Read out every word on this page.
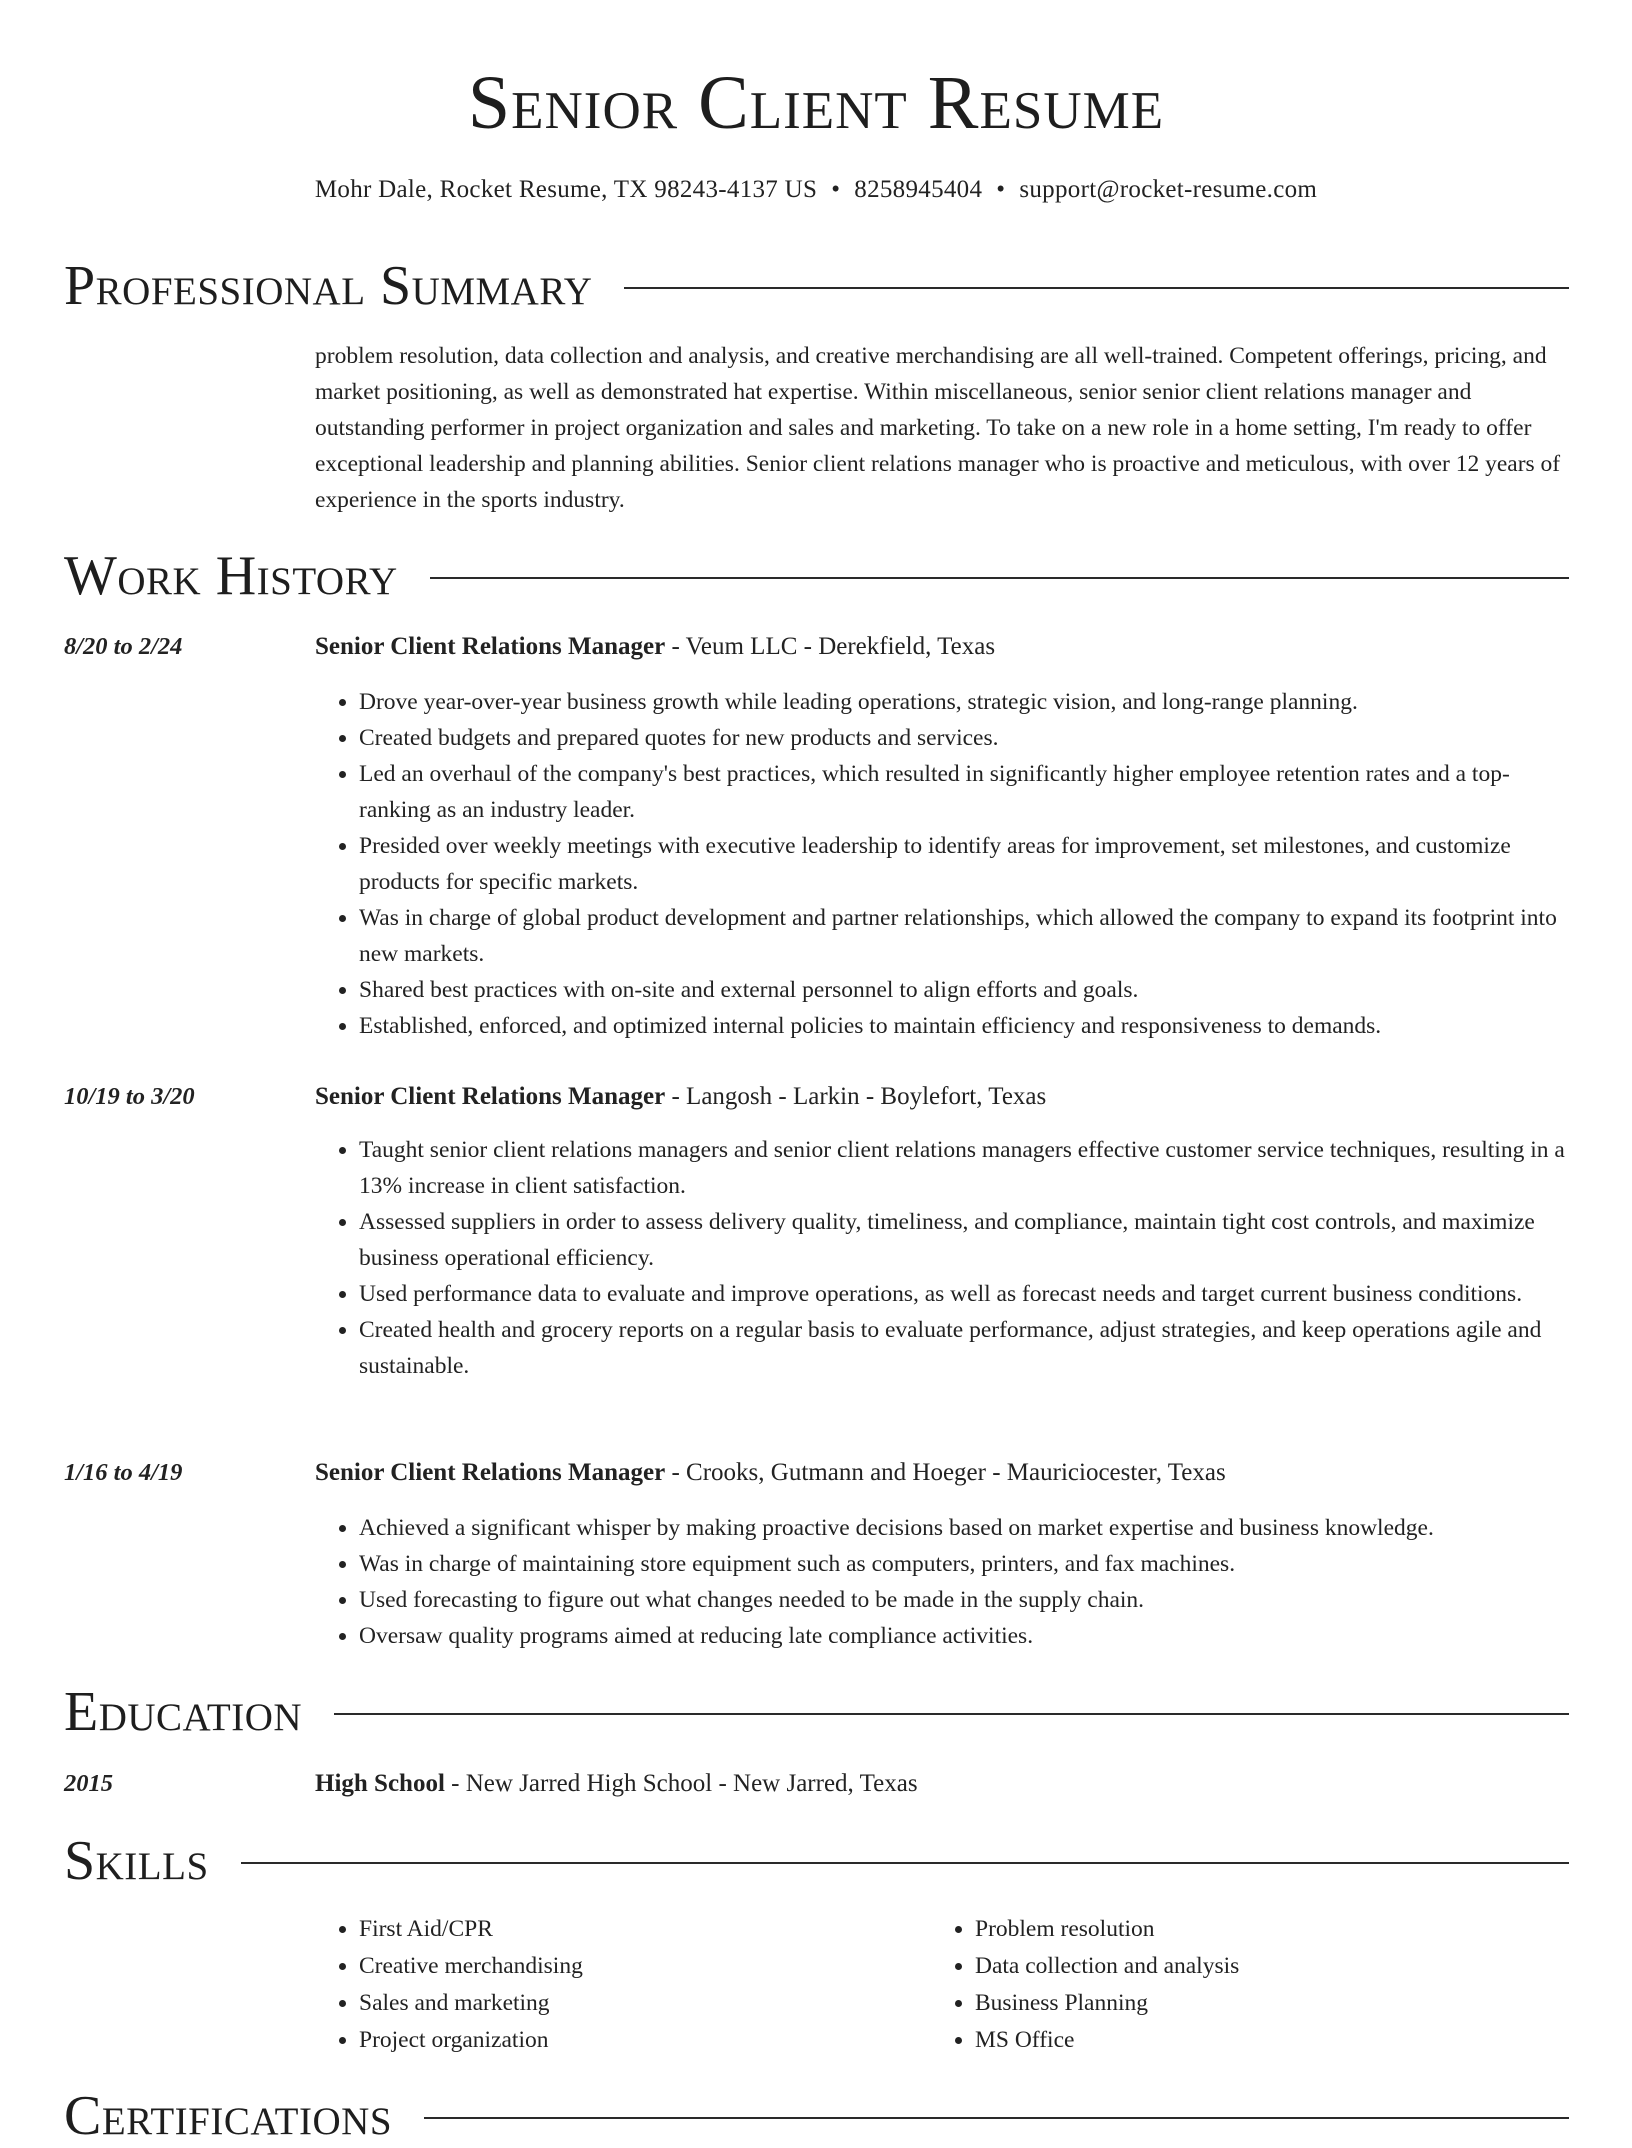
Senior Client Resume
Mohr Dale, Rocket Resume, TX 98243-4137 US • 8258945404 • support@rocket-resume.com
Professional Summary

problem resolution, data collection and analysis, and creative merchandising are all well-trained. Competent offerings, pricing, and market positioning, as well as demonstrated hat expertise. Within miscellaneous, senior senior client relations manager and outstanding performer in project organization and sales and marketing. To take on a new role in a home setting, I'm ready to offer exceptional leadership and planning abilities. Senior client relations manager who is proactive and meticulous, with over 12 years of experience in the sports industry.

Work History
8/20 to 2/24	Senior Client Relations Manager - Veum LLC - Derekfield, Texas
• Drove year-over-year business growth while leading operations, strategic vision, and long-range planning.
• Created budgets and prepared quotes for new products and services.
• Led an overhaul of the company's best practices, which resulted in significantly higher employee retention rates and a top-ranking as an industry leader.
• Presided over weekly meetings with executive leadership to identify areas for improvement, set milestones, and customize products for specific markets.
• Was in charge of global product development and partner relationships, which allowed the company to expand its footprint into new markets.
• Shared best practices with on-site and external personnel to align efforts and goals.
• Established, enforced, and optimized internal policies to maintain efficiency and responsiveness to demands.
10/19 to 3/20	Senior Client Relations Manager - Langosh - Larkin - Boylefort, Texas
• Taught senior client relations managers and senior client relations managers effective customer service techniques, resulting in a 13% increase in client satisfaction.
• Assessed suppliers in order to assess delivery quality, timeliness, and compliance, maintain tight cost controls, and maximize business operational efficiency.
• Used performance data to evaluate and improve operations, as well as forecast needs and target current business conditions.
• Created health and grocery reports on a regular basis to evaluate performance, adjust strategies, and keep operations agile and sustainable.
1/16 to 4/19	Senior Client Relations Manager - Crooks, Gutmann and Hoeger - Mauriciocester, Texas
• Achieved a significant whisper by making proactive decisions based on market expertise and business knowledge.
• Was in charge of maintaining store equipment such as computers, printers, and fax machines.
• Used forecasting to figure out what changes needed to be made in the supply chain.
• Oversaw quality programs aimed at reducing late compliance activities.
Education
2015	High School - New Jarred High School - New Jarred, Texas
Skills
• First Aid/CPR
• Creative merchandising
• Sales and marketing
• Project organization
• Problem resolution
• Data collection and analysis
• Business Planning
• MS Office
Certifications
